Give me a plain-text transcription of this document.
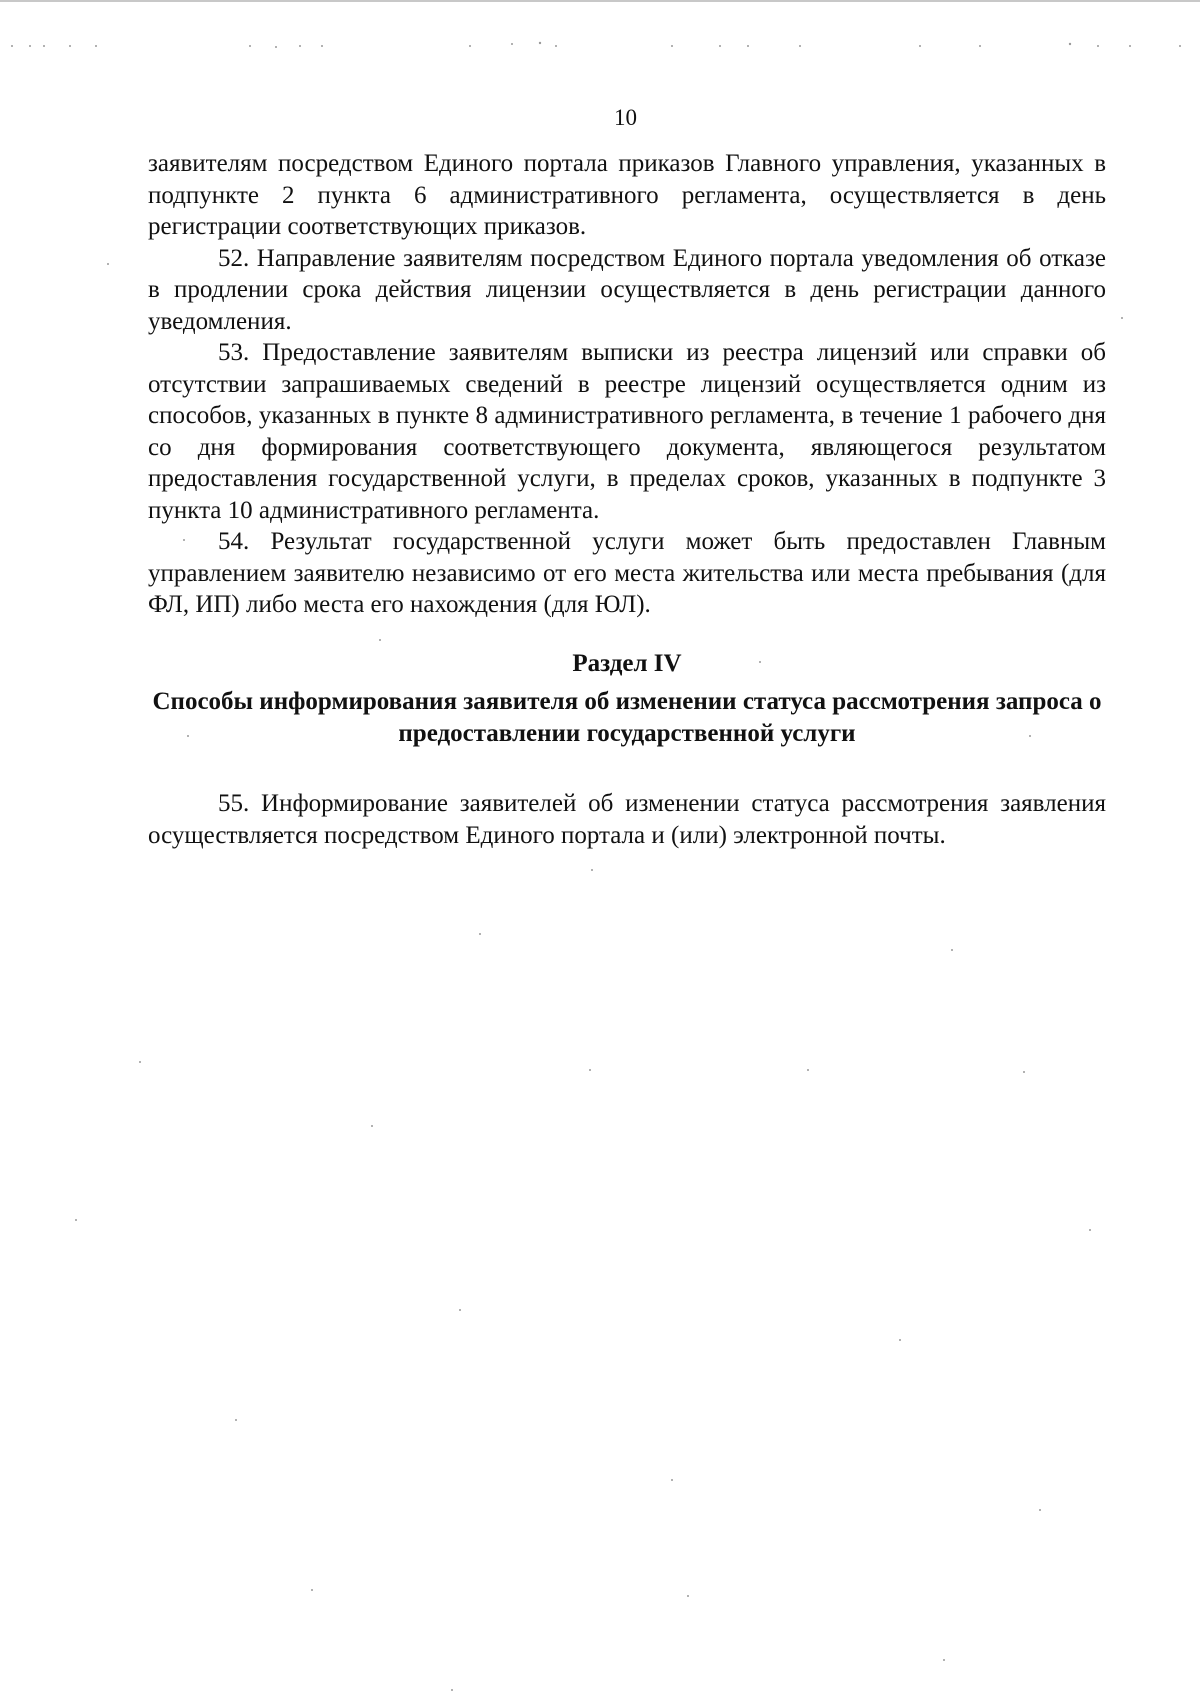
10

заявителям посредством Единого портала приказов Главного управления, указанных в подпункте 2 пункта 6 административного регламента, осуществляется в день регистрации соответствующих приказов.

52. Направление заявителям посредством Единого портала уведомления об отказе в продлении срока действия лицензии осуществляется в день регистрации данного уведомления.

53. Предоставление заявителям выписки из реестра лицензий или справки об отсутствии запрашиваемых сведений в реестре лицензий осуществляется одним из способов, указанных в пункте 8 административного регламента, в течение 1 рабочего дня со дня формирования соответствующего документа, являющегося результатом предоставления государственной услуги, в пределах сроков, указанных в подпункте 3 пункта 10 административного регламента.

54. Результат государственной услуги может быть предоставлен Главным управлением заявителю независимо от его места жительства или места пребывания (для ФЛ, ИП) либо места его нахождения (для ЮЛ).

Раздел IV

Способы информирования заявителя об изменении статуса рассмотрения запроса о предоставлении государственной услуги

55. Информирование заявителей об изменении статуса рассмотрения заявления осуществляется посредством Единого портала и (или) электронной почты.
